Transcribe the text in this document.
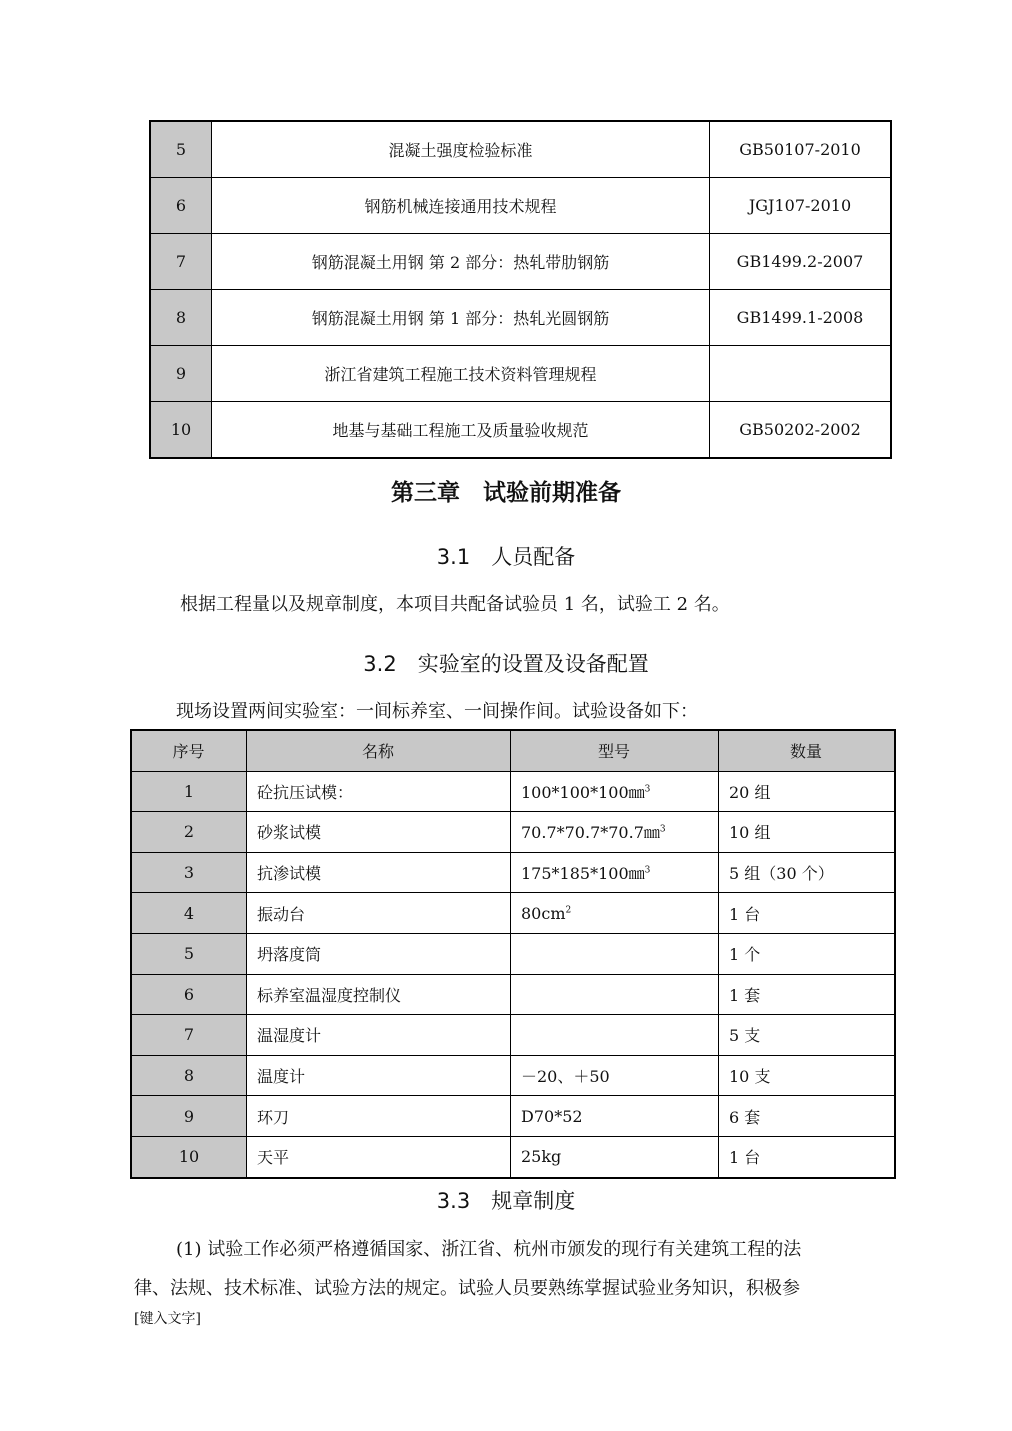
5	混凝土强度检验标准	GB50107-2010
6	钢筋机械连接通用技术规程	JGJ107-2010
7	钢筋混凝土用钢 第 2 部分：热轧带肋钢筋	GB1499.2-2007
8	钢筋混凝土用钢 第 1 部分：热轧光圆钢筋	GB1499.1-2008
9	浙江省建筑工程施工技术资料管理规程	
10	地基与基础工程施工及质量验收规范	GB50202-2002
第三章　试验前期准备
3.1　人员配备
根据工程量以及规章制度，本项目共配备试验员 1 名，试验工 2 名。
3.2　实验室的设置及设备配置
现场设置两间实验室：一间标养室、一间操作间。试验设备如下：
序号	名称	型号	数量
1	砼抗压试模：	100*100*100㎜$^3$	20 组
2	砂浆试模	70.7*70.7*70.7㎜$^3$	10 组
3	抗渗试模	175*185*100㎜$^3$	5 组（30 个）
4	振动台	$80cm^2$	1 台
5	坍落度筒		1 个
6	标养室温湿度控制仪		1 套
7	温湿度计		5 支
8	温度计	－20、＋50	10 支
9	环刀	D70*52	6 套
10	天平	25kg	1 台
3.3　规章制度
(1) 试验工作必须严格遵循国家、浙江省、杭州市颁发的现行有关建筑工程的法
律、法规、技术标准、试验方法的规定。试验人员要熟练掌握试验业务知识，积极参
[键入文字]
